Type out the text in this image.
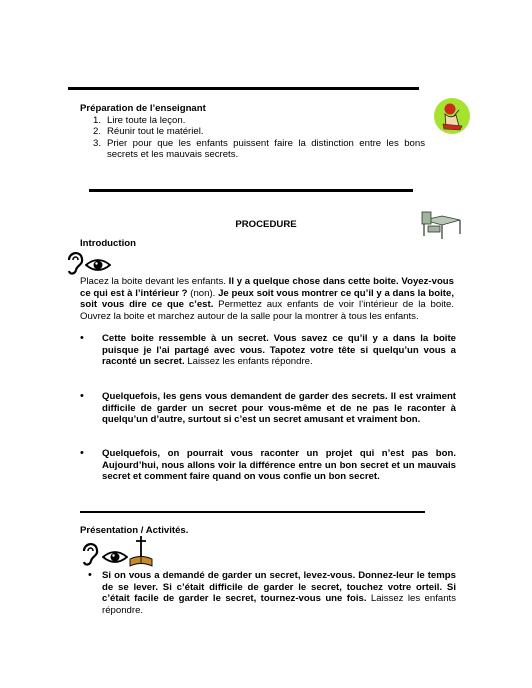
Préparation de l’enseignant
1. Lire toute la leçon.
2. Réunir tout le matériel.
3. Prier pour que les enfants puissent faire la distinction entre les bons secrets et les mauvais secrets.
PROCEDURE
Introduction
Placez la boite devant les enfants. Il y a quelque chose dans cette boite. Voyez-vous ce qui est à l’intérieur ? (non). Je peux soit vous montrer ce qu’il y a dans la boite, soit vous dire ce que c’est. Permettez aux enfants de voir l’intérieur de la boite. Ouvrez la boite et marchez autour de la salle pour la montrer à tous les enfants.
• Cette boite ressemble à un secret. Vous savez ce qu’il y a dans la boite puisque je l’ai partagé avec vous. Tapotez votre tête si quelqu’un vous a raconté un secret. Laissez les enfants répondre.
• Quelquefois, les gens vous demandent de garder des secrets. Il est vraiment difficile de garder un secret pour vous-même et de ne pas le raconter à quelqu’un d’autre, surtout si c’est un secret amusant et vraiment bon.
• Quelquefois, on pourrait vous raconter un projet qui n’est pas bon. Aujourd’hui, nous allons voir la différence entre un bon secret et un mauvais secret et comment faire quand on vous confie un bon secret.
Présentation / Activités.
• Si on vous a demandé de garder un secret, levez-vous. Donnez-leur le temps de se lever. Si c’était difficile de garder le secret, touchez votre orteil. Si c’était facile de garder le secret, tournez-vous une fois. Laissez les enfants répondre.
